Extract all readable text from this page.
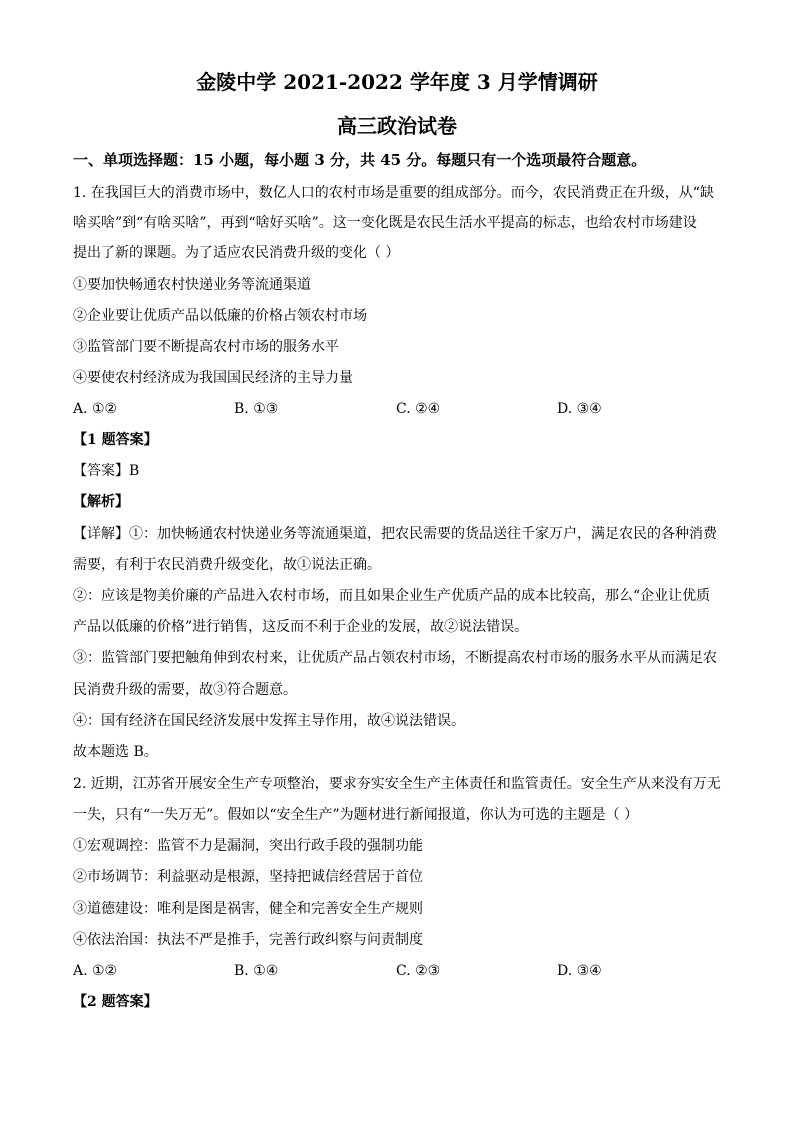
金陵中学 2021-2022 学年度 3 月学情调研
高三政治试卷
一、单项选择题：15 小题，每小题 3 分，共 45 分。每题只有一个选项最符合题意。
1. 在我国巨大的消费市场中，数亿人口的农村市场是重要的组成部分。而今，农民消费正在升级，从“缺
啥买啥”到“有啥买啥”，再到“啥好买啥”。这一变化既是农民生活水平提高的标志，也给农村市场建设
提出了新的课题。为了适应农民消费升级的变化（ ）
①要加快畅通农村快递业务等流通渠道
②企业要让优质产品以低廉的价格占领农村市场
③监管部门要不断提高农村市场的服务水平
④要使农村经济成为我国国民经济的主导力量
A. ①②	B. ①③	C. ②④	D. ③④
【1 题答案】
【答案】B
【解析】
【详解】①：加快畅通农村快递业务等流通渠道，把农民需要的货品送往千家万户，满足农民的各种消费
需要，有利于农民消费升级变化，故①说法正确。
②：应该是物美价廉的产品进入农村市场，而且如果企业生产优质产品的成本比较高，那么“企业让优质
产品以低廉的价格”进行销售，这反而不利于企业的发展，故②说法错误。
③：监管部门要把触角伸到农村来，让优质产品占领农村市场，不断提高农村市场的服务水平从而满足农
民消费升级的需要，故③符合题意。
④：国有经济在国民经济发展中发挥主导作用，故④说法错误。
故本题选 B。
2. 近期，江苏省开展安全生产专项整治，要求夯实安全生产主体责任和监管责任。安全生产从来没有万无
一失，只有“一失万无”。假如以“安全生产”为题材进行新闻报道，你认为可选的主题是（ ）
①宏观调控：监管不力是漏洞，突出行政手段的强制功能
②市场调节：利益驱动是根源，坚持把诚信经营居于首位
③道德建设：唯利是图是祸害，健全和完善安全生产规则
④依法治国：执法不严是推手，完善行政纠察与问责制度
A. ①②	B. ①④	C. ②③	D. ③④
【2 题答案】
